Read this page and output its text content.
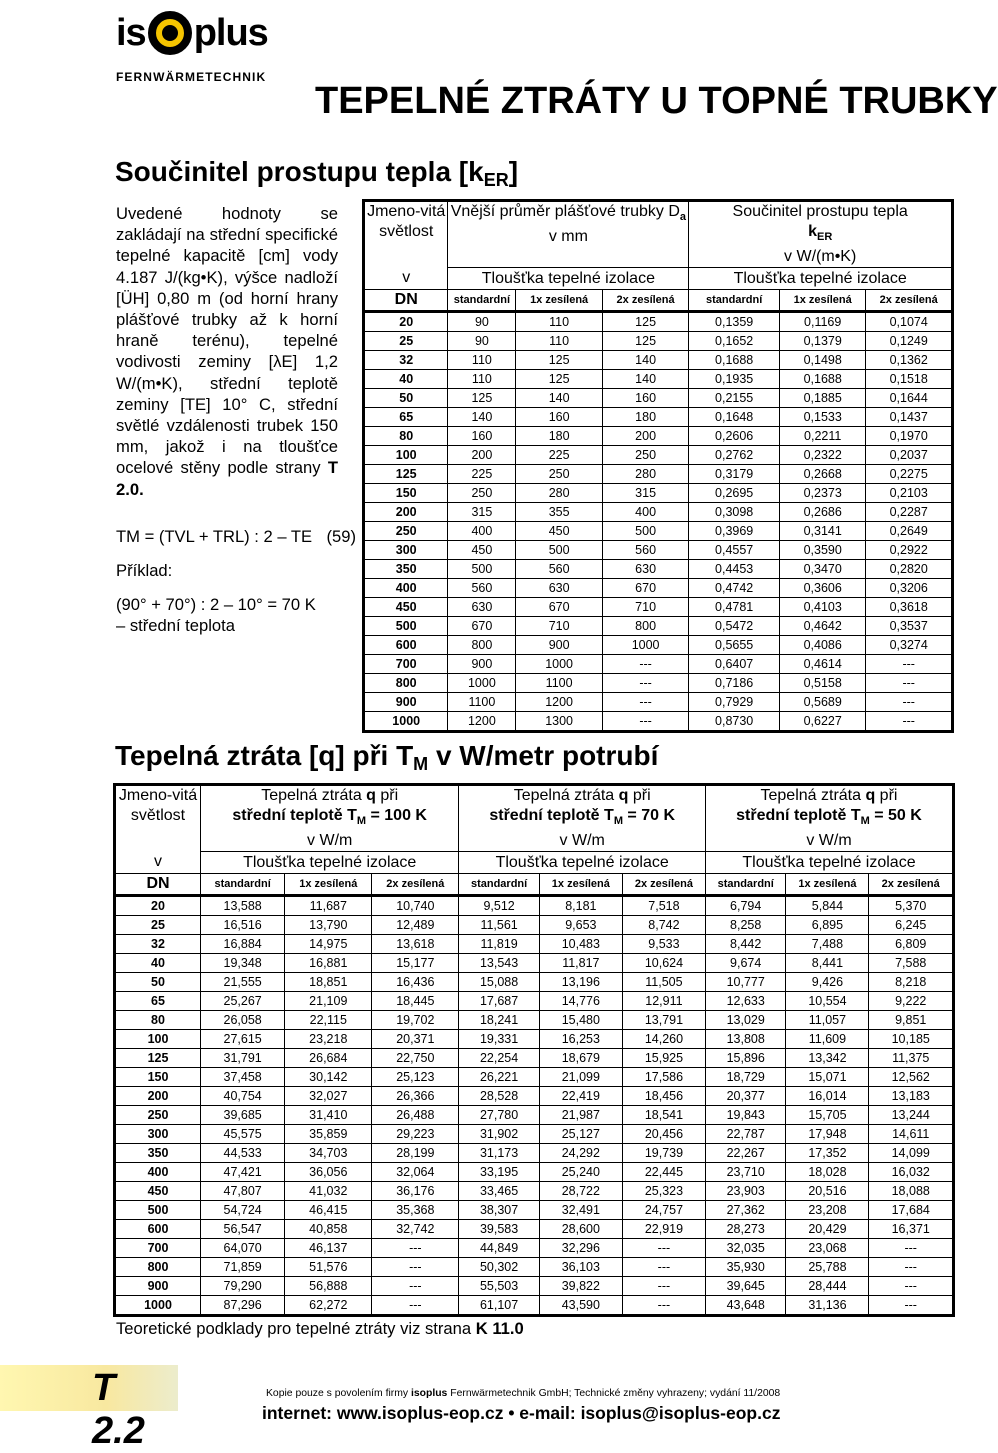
is plus
FERNWÄRMETECHNIK
TEPELNÉ ZTRÁTY U TOPNÉ TRUBKY
Součinitel prostupu tepla $[k_{ER}]$
Uvedené hodnoty se zakládají na střední specifické tepelné kapacitě [cm] vody 4.187 J/(kg•K), výšce nadloží [ÜH] 0,80 m (od horní hrany plášťové trubky až k horní hraně terénu), tepelné vodivosti zeminy [λE] 1,2 W/(m•K), střední teplotě zeminy [TE] 10° C, střední světlé vzdálenosti trubek 150 mm, jakož i na tloušťce ocelové stěny podle strany T 2.0.
TM = (TVL + TRL) : 2 – TE (59)
Příklad:
(90° + 70°) : 2 – 10° = 70 K – střední teplota
Jmeno-vitá světlost	Vnější průměr plášťové trubky $D_a$
v mm			Součinitel prostupu tepla
$k_{ER}$
v W/(m•K)		
v	Tloušťka tepelné izolace			Tloušťka tepelné izolace		
DN	standardní	1x zesílená	2x zesílená	standardní	1x zesílená	2x zesílená
20	90	110	125	0,1359	0,1169	0,1074
25	90	110	125	0,1652	0,1379	0,1249
32	110	125	140	0,1688	0,1498	0,1362
40	110	125	140	0,1935	0,1688	0,1518
50	125	140	160	0,2155	0,1885	0,1644
65	140	160	180	0,1648	0,1533	0,1437
80	160	180	200	0,2606	0,2211	0,1970
100	200	225	250	0,2762	0,2322	0,2037
125	225	250	280	0,3179	0,2668	0,2275
150	250	280	315	0,2695	0,2373	0,2103
200	315	355	400	0,3098	0,2686	0,2287
250	400	450	500	0,3969	0,3141	0,2649
300	450	500	560	0,4557	0,3590	0,2922
350	500	560	630	0,4453	0,3470	0,2820
400	560	630	670	0,4742	0,3606	0,3206
450	630	670	710	0,4781	0,4103	0,3618
500	670	710	800	0,5472	0,4642	0,3537
600	800	900	1000	0,5655	0,4086	0,3274
700	900	1000	---	0,6407	0,4614	---
800	1000	1100	---	0,7186	0,5158	---
900	1100	1200	---	0,7929	0,5689	---
1000	1200	1300	---	0,8730	0,6227	---
Tepelná ztráta [q] při $T_M$ v W/metr potrubí
Jmeno-vitá světlost	Tepelná ztráta q při
střední teplotě $T_M = 100$ K
v W/m			Tepelná ztráta q při
střední teplotě $T_M = 70$ K
v W/m			Tepelná ztráta q při
střední teplotě $T_M = 50$ K
v W/m		
v	Tloušťka tepelné izolace			Tloušťka tepelné izolace			Tloušťka tepelné izolace		
DN	standardní	1x zesílená	2x zesílená	standardní	1x zesílená	2x zesílená	standardní	1x zesílená	2x zesílená
20	13,588	11,687	10,740	9,512	8,181	7,518	6,794	5,844	5,370
25	16,516	13,790	12,489	11,561	9,653	8,742	8,258	6,895	6,245
32	16,884	14,975	13,618	11,819	10,483	9,533	8,442	7,488	6,809
40	19,348	16,881	15,177	13,543	11,817	10,624	9,674	8,441	7,588
50	21,555	18,851	16,436	15,088	13,196	11,505	10,777	9,426	8,218
65	25,267	21,109	18,445	17,687	14,776	12,911	12,633	10,554	9,222
80	26,058	22,115	19,702	18,241	15,480	13,791	13,029	11,057	9,851
100	27,615	23,218	20,371	19,331	16,253	14,260	13,808	11,609	10,185
125	31,791	26,684	22,750	22,254	18,679	15,925	15,896	13,342	11,375
150	37,458	30,142	25,123	26,221	21,099	17,586	18,729	15,071	12,562
200	40,754	32,027	26,366	28,528	22,419	18,456	20,377	16,014	13,183
250	39,685	31,410	26,488	27,780	21,987	18,541	19,843	15,705	13,244
300	45,575	35,859	29,223	31,902	25,127	20,456	22,787	17,948	14,611
350	44,533	34,703	28,199	31,173	24,292	19,739	22,267	17,352	14,099
400	47,421	36,056	32,064	33,195	25,240	22,445	23,710	18,028	16,032
450	47,807	41,032	36,176	33,465	28,722	25,323	23,903	20,516	18,088
500	54,724	46,415	35,368	38,307	32,491	24,757	27,362	23,208	17,684
600	56,547	40,858	32,742	39,583	28,600	22,919	28,273	20,429	16,371
700	64,070	46,137	---	44,849	32,296	---	32,035	23,068	---
800	71,859	51,576	---	50,302	36,103	---	35,930	25,788	---
900	79,290	56,888	---	55,503	39,822	---	39,645	28,444	---
1000	87,296	62,272	---	61,107	43,590	---	43,648	31,136	---
Teoretické podklady pro tepelné ztráty viz strana K 11.0
T 2.2
Kopie pouze s povolením firmy isoplus Fernwärmetechnik GmbH; Technické změny vyhrazeny; vydání 11/2008
internet: www.isoplus-eop.cz • e-mail: isoplus@isoplus-eop.cz
